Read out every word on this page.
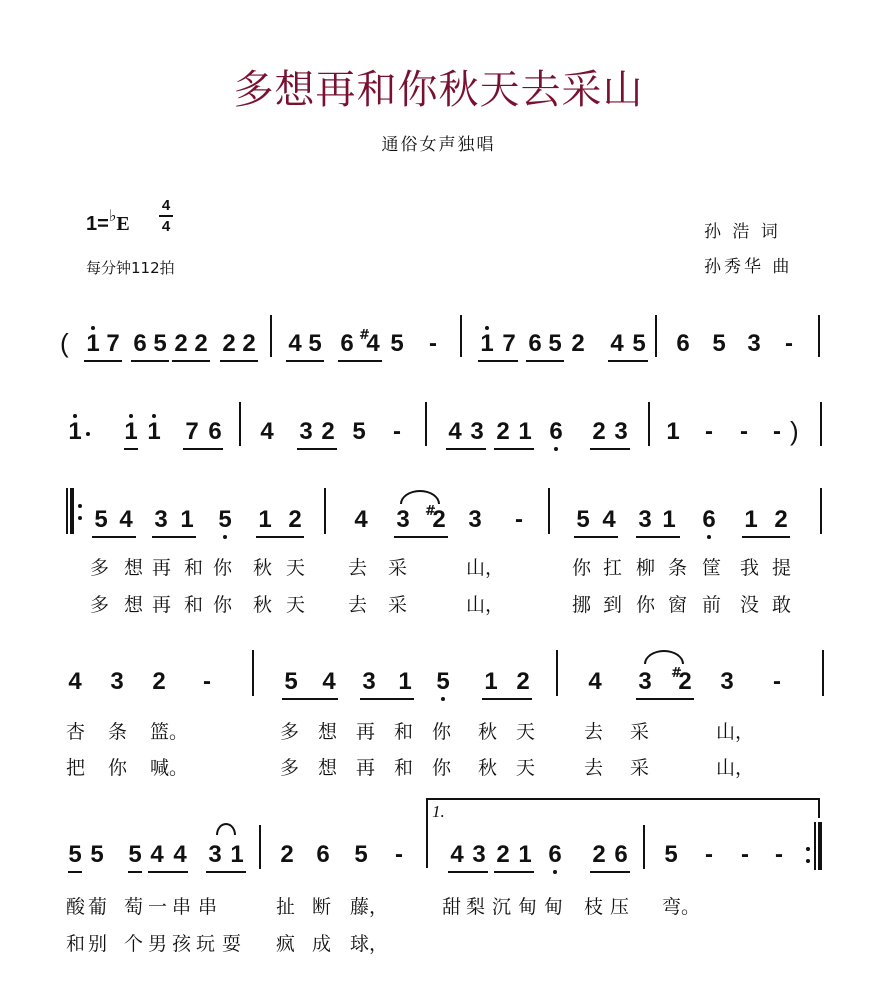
多想再和你秋天去采山
通俗女声独唱
1=♭E
4
4
每分钟112拍
孙 浩 词
孙秀华 曲
( 1 7 6 5 2 2 2 2 4 5 6 #
4 5 - 1 7 6 5 2 4 5 6 5 3 -
1 1 1 7 6 4 3 2 5 - 4 3 2 1 6 2 3 1 - - - )
5 4 3 1 5 1 2 4 3 #
2 3 - 5 4 3 1 6 1 2
多 想 再 和 你 秋 天 去 采	山，	你 扛 柳 条 筐 我 提
多 想 再 和 你 秋 天 去 采	山，	挪 到 你 窗 前 没 敢
4 3 2 -	5 4 3 1 5 1 2 4 3 #
2 3 -
杏 条 篮。	多 想 再 和 你 秋 天	去 采	山，
把 你 喊。	多 想 再 和 你 秋 天	去 采	山，
1.
5 5 5 4 4 3 1 2 6 5 - 4 3 2 1 6 2 6 5 - - -
酸 葡 萄 一 串 串	扯 断 藤，	甜 梨 沉 甸 甸 枝 压 弯。
和 别 个 男 孩 玩 耍 疯 成 球，
